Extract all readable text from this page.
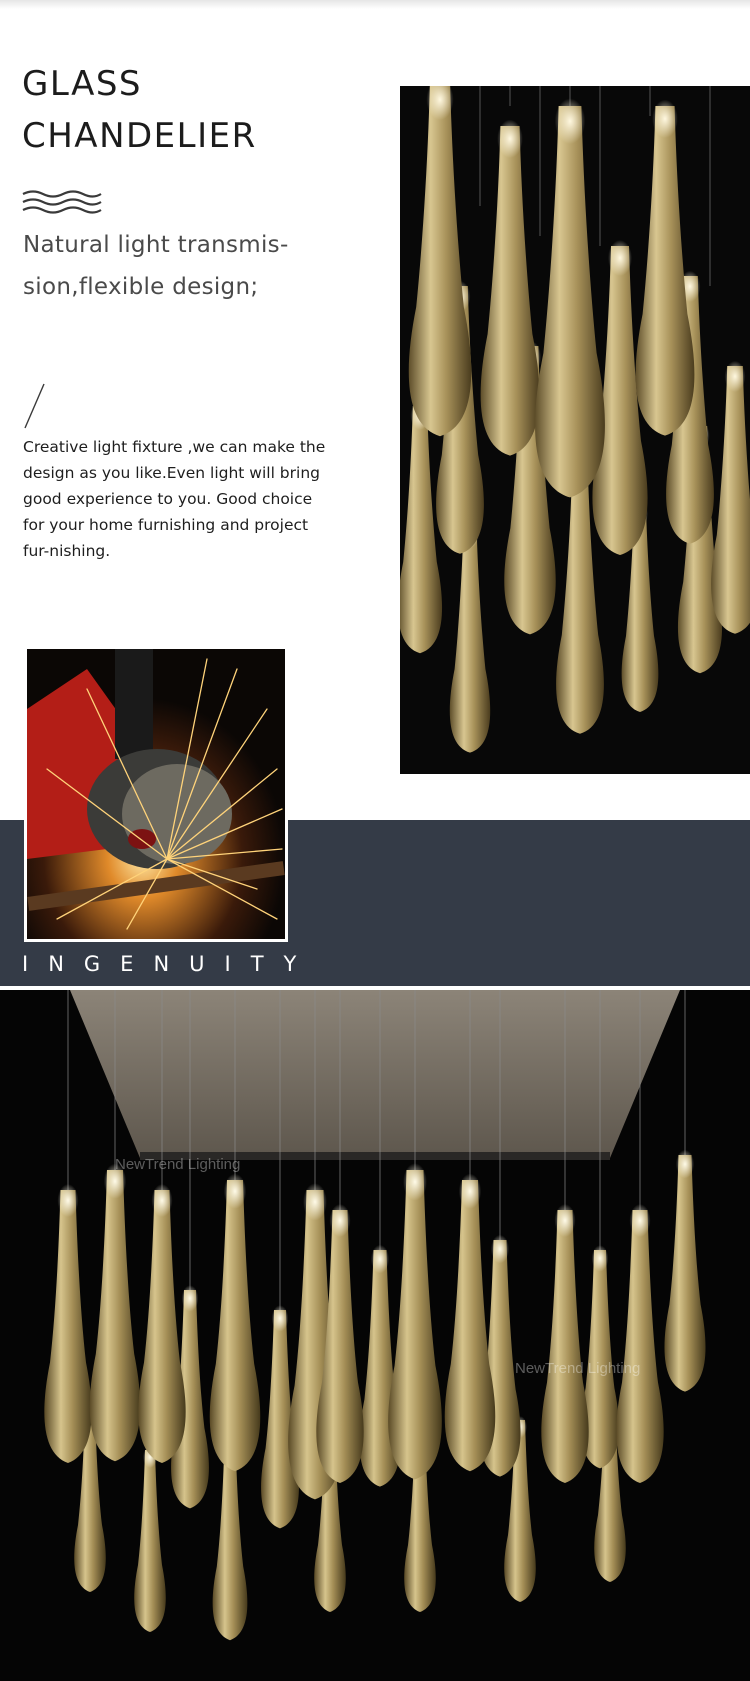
GLASS
CHANDELIER
Natural light transmis-sion,flexible design;
Creative light fixture ,we can make the design as you like.Even light will bring good experience to you. Good choice for your home furnishing and project fur-nishing.
INGENUITY
NewTrend Lighting
NewTrend Lighting
